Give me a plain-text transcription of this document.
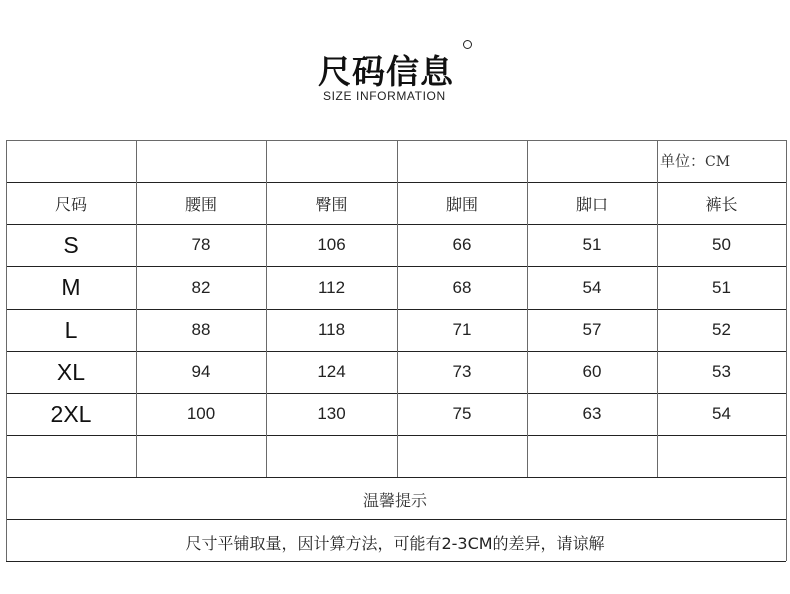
尺码信息
SIZE INFORMATION
尺码	腰围	臀围	脚围	脚口	裤长
S	78	106	66	51	50
M	82	112	68	54	51
L	88	118	71	57	52
XL	94	124	73	60	53
2XL	100	130	75	63	54
单位：CM
温馨提示
尺寸平铺取量，因计算方法，可能有2-3CM的差异，请谅解
